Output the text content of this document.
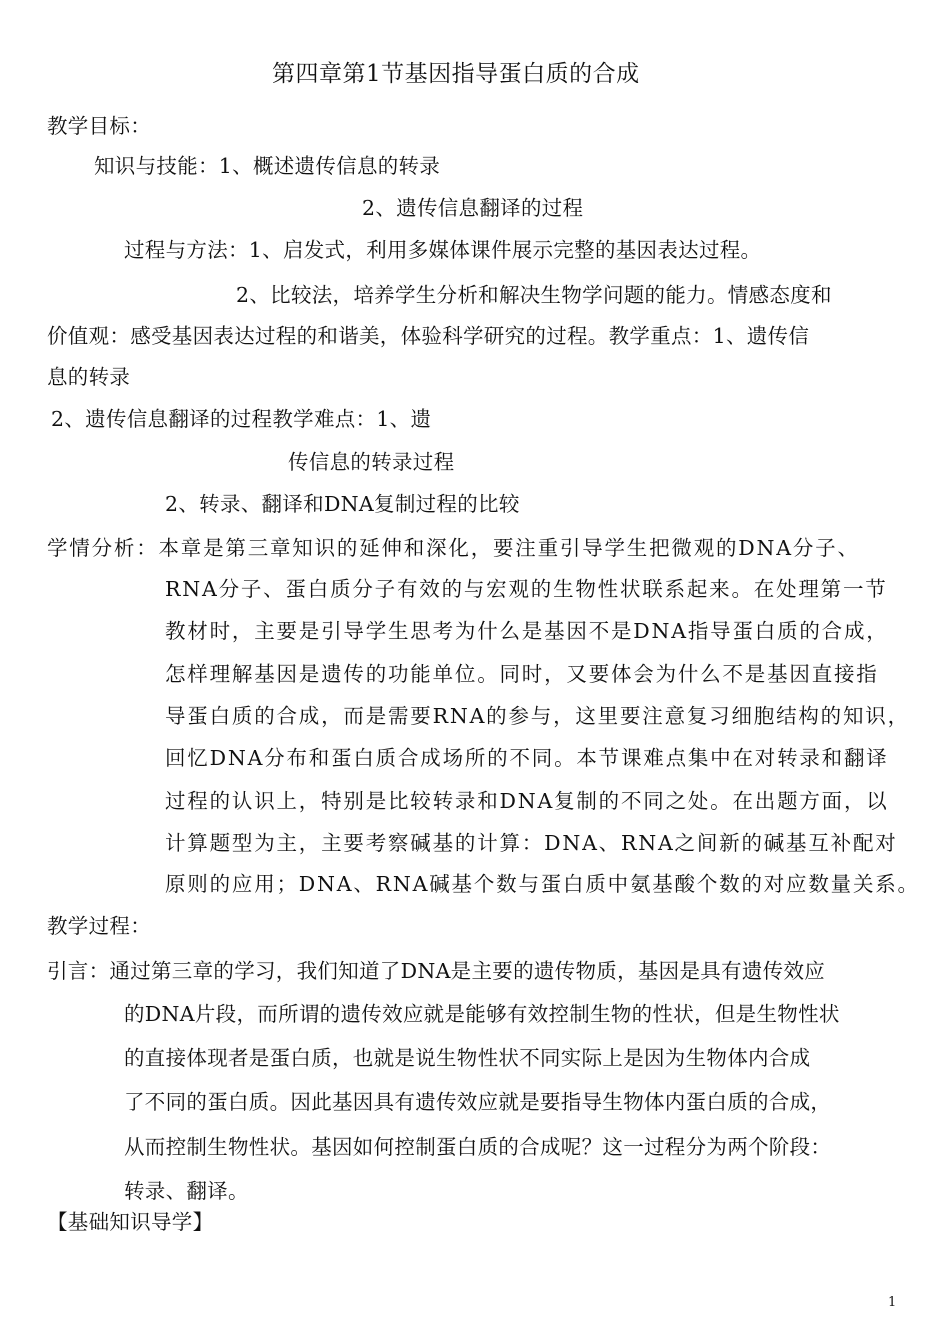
第四章第1节基因指导蛋白质的合成
教学目标：
知识与技能：1、概述遗传信息的转录
2、遗传信息翻译的过程
过程与方法：1、启发式，利用多媒体课件展示完整的基因表达过程。
2、比较法，培养学生分析和解决生物学问题的能力。情感态度和
价值观：感受基因表达过程的和谐美，体验科学研究的过程。教学重点：1、遗传信
息的转录
2、遗传信息翻译的过程教学难点：1、遗
传信息的转录过程
2、转录、翻译和DNA复制过程的比较
学情分析：本章是第三章知识的延伸和深化，要注重引导学生把微观的DNA分子、
RNA分子、蛋白质分子有效的与宏观的生物性状联系起来。在处理第一节
教材时，主要是引导学生思考为什么是基因不是DNA指导蛋白质的合成，
怎样理解基因是遗传的功能单位。同时，又要体会为什么不是基因直接指
导蛋白质的合成，而是需要RNA的参与，这里要注意复习细胞结构的知识，
回忆DNA分布和蛋白质合成场所的不同。本节课难点集中在对转录和翻译
过程的认识上，特别是比较转录和DNA复制的不同之处。在出题方面，以
计算题型为主，主要考察碱基的计算：DNA、RNA之间新的碱基互补配对
原则的应用；DNA、RNA碱基个数与蛋白质中氨基酸个数的对应数量关系。
教学过程：
引言：通过第三章的学习，我们知道了DNA是主要的遗传物质，基因是具有遗传效应
的DNA片段，而所谓的遗传效应就是能够有效控制生物的性状，但是生物性状
的直接体现者是蛋白质，也就是说生物性状不同实际上是因为生物体内合成
了不同的蛋白质。因此基因具有遗传效应就是要指导生物体内蛋白质的合成，
从而控制生物性状。基因如何控制蛋白质的合成呢？这一过程分为两个阶段：
转录、翻译。
【基础知识导学】
1
